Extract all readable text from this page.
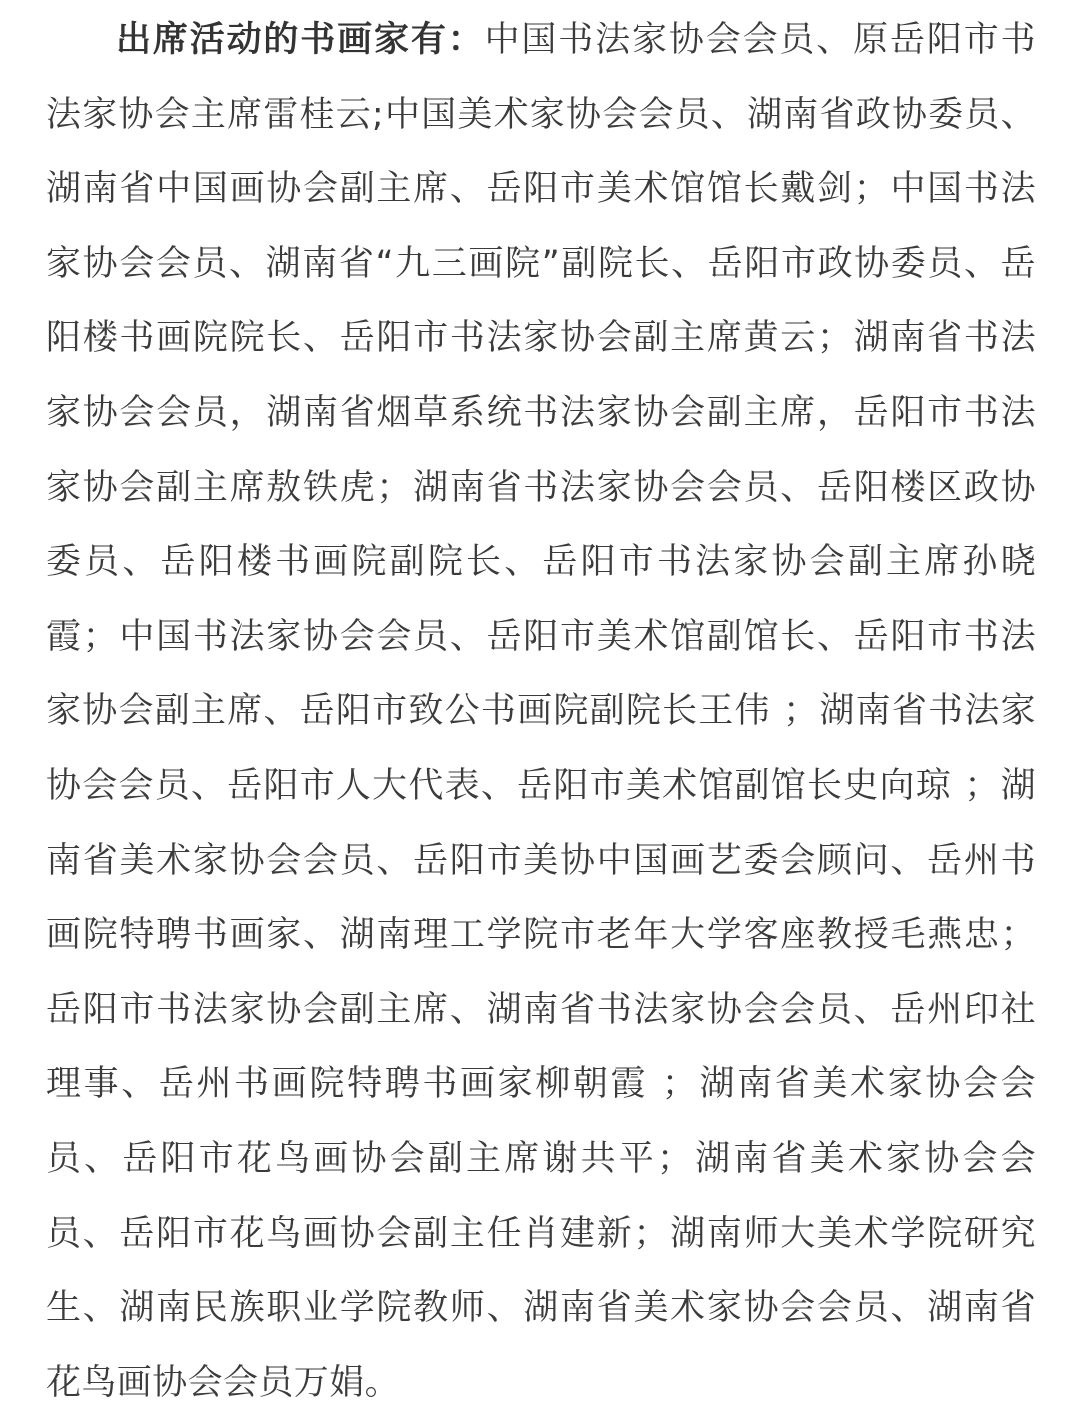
出席活动的书画家有：中国书法家协会会员、原岳阳市书法家协会主席雷桂云;中国美术家协会会员、湖南省政协委员、湖南省中国画协会副主席、岳阳市美术馆馆长戴剑；中国书法家协会会员、湖南省“九三画院”副院长、岳阳市政协委员、岳阳楼书画院院长、岳阳市书法家协会副主席黄云；湖南省书法家协会会员，湖南省烟草系统书法家协会副主席，岳阳市书法家协会副主席敖铁虎；湖南省书法家协会会员、岳阳楼区政协委员、岳阳楼书画院副院长、岳阳市书法家协会副主席孙晓霞；中国书法家协会会员、岳阳市美术馆副馆长、岳阳市书法家协会副主席、岳阳市致公书画院副院长王伟 ；湖南省书法家协会会员、岳阳市人大代表、岳阳市美术馆副馆长史向琼 ；湖南省美术家协会会员、岳阳市美协中国画艺委会顾问、岳州书画院特聘书画家、湖南理工学院市老年大学客座教授毛燕忠；岳阳市书法家协会副主席、湖南省书法家协会会员、岳州印社理事、岳州书画院特聘书画家柳朝霞 ；湖南省美术家协会会员、岳阳市花鸟画协会副主席谢共平；湖南省美术家协会会员、岳阳市花鸟画协会副主任肖建新；湖南师大美术学院研究生、湖南民族职业学院教师、湖南省美术家协会会员、湖南省花鸟画协会会员万娟。
